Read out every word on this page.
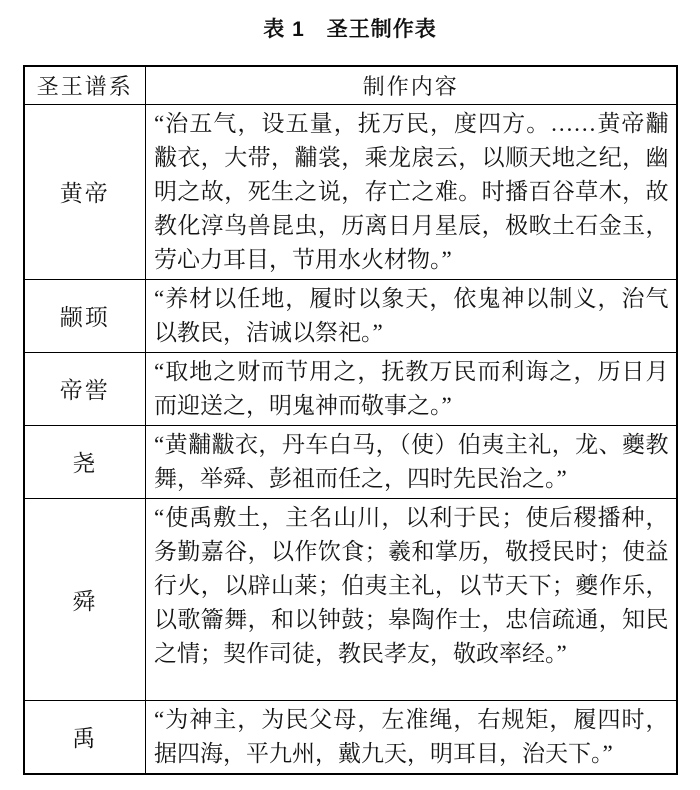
表 1　圣王制作表
圣王谱系	制作内容
黄帝	“治五气，设五量，抚万民，度四方。……黄帝黼黻衣，大带，黼裳，乘龙扆云，以顺天地之纪，幽明之故，死生之说，存亡之难。时播百谷草木，故教化淳鸟兽昆虫，历离日月星辰，极畋土石金玉，劳心力耳目，节用水火材物。”
颛顼	“养材以任地，履时以象天，依鬼神以制义，治气以教民，洁诚以祭祀。”
帝喾	“取地之财而节用之，抚教万民而利诲之，历日月而迎送之，明鬼神而敬事之。”
尧	“黄黼黻衣，丹车白马，（使）伯夷主礼，龙、夔教舞，举舜、彭祖而任之，四时先民治之。”
舜	“使禹敷土，主名山川，以利于民；使后稷播种，务勤嘉谷，以作饮食；羲和掌历，敬授民时；使益行火，以辟山莱；伯夷主礼，以节天下；夔作乐，以歌籥舞，和以钟鼓；皋陶作士，忠信疏通，知民之情；契作司徒，教民孝友，敬政率经。”
禹	“为神主，为民父母，左准绳，右规矩，履四时，据四海，平九州，戴九天，明耳目，治天下。”
